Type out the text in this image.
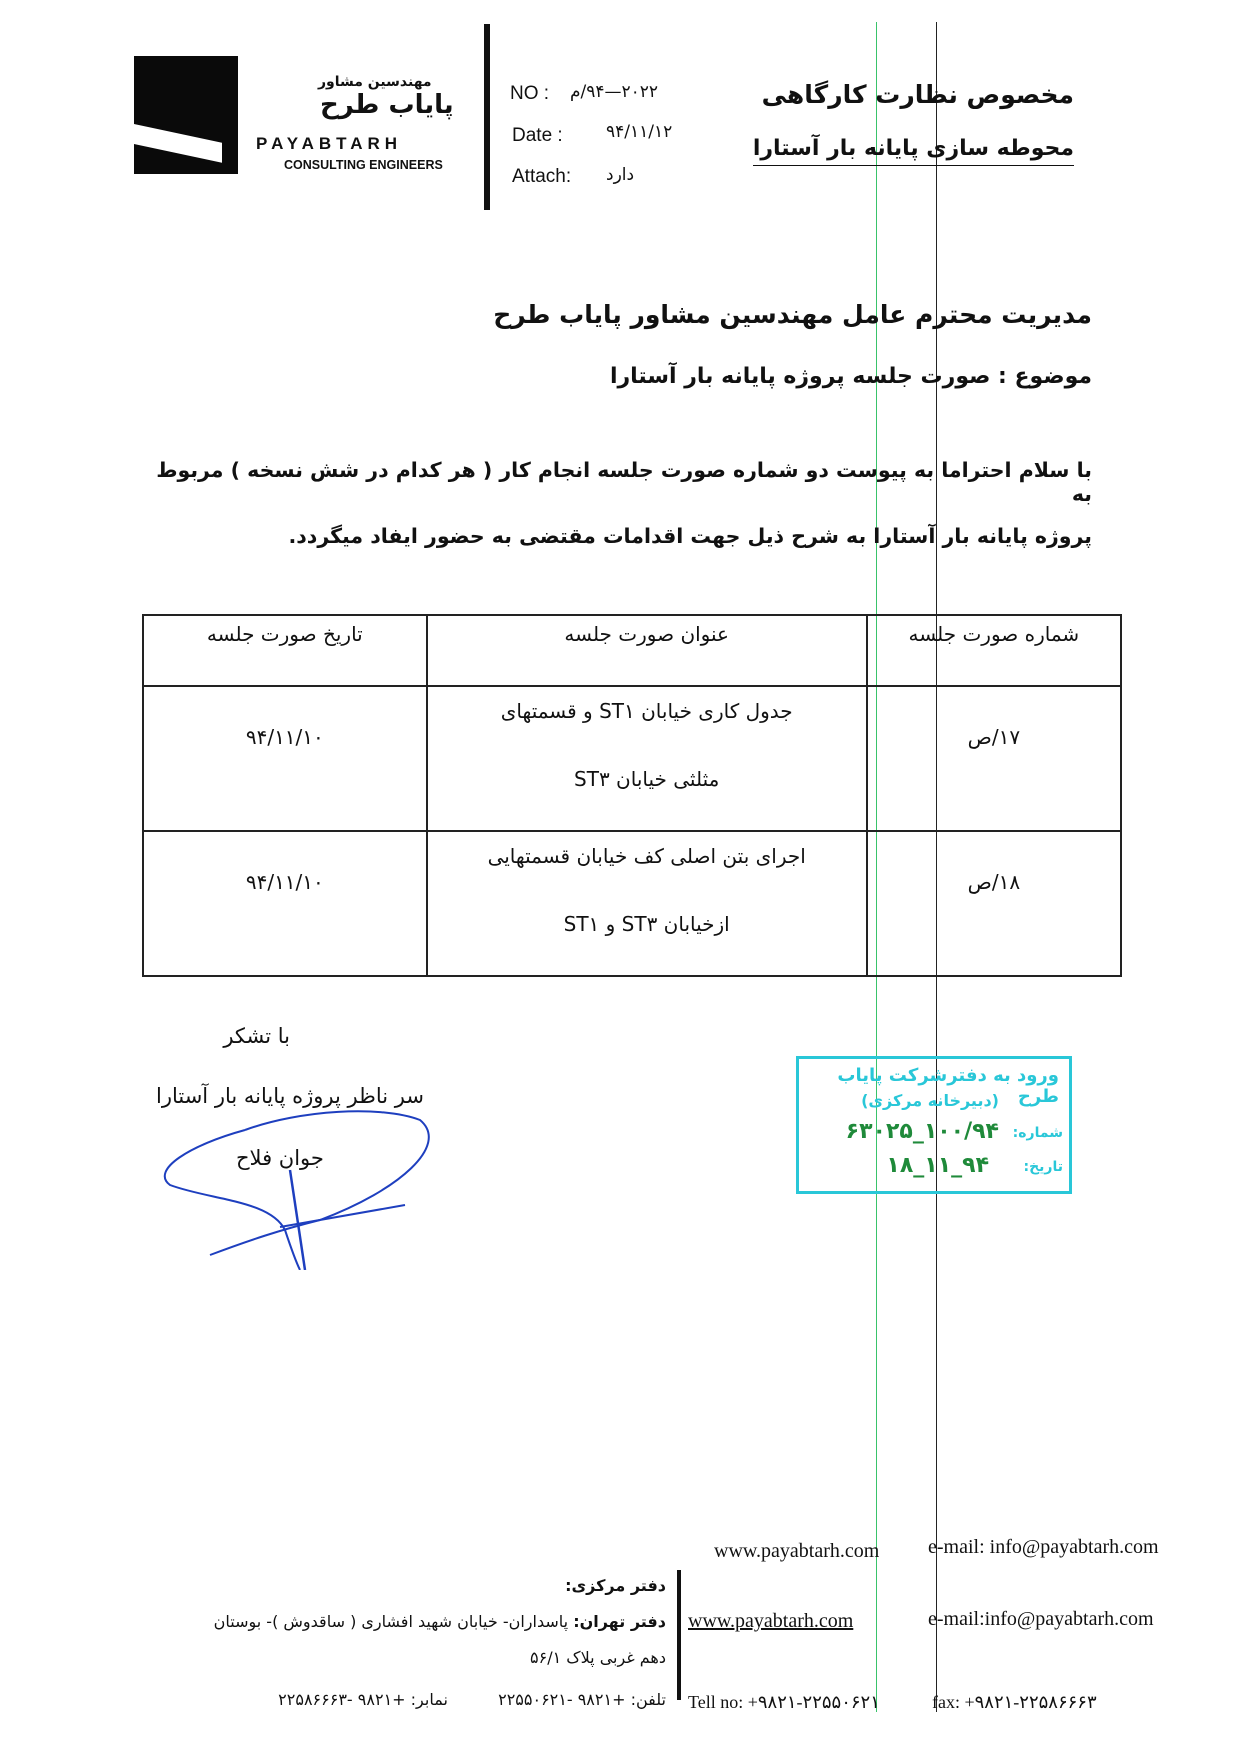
مهندسین مشاور
پایاب طرح
PAYABTARH
CONSULTING ENGINEERS
NO : ۲۰۲۲—۹۴/م
Date :	۹۴/۱۱/۱۲
Attach: دارد
مخصوص نظارت کارگاهی
محوطه سازی پایانه بار آستارا
مدیریت محترم عامل مهندسین مشاور پایاب طرح
موضوع : صورت جلسه پروژه پایانه بار آستارا
با سلام احتراما به پیوست دو شماره صورت جلسه انجام کار ( هر کدام در شش نسخه ) مربوط به
پروژه پایانه بار آستارا به شرح ذیل جهت اقدامات مقتضی به حضور ایفاد میگردد.
شماره صورت جلسه	عنوان صورت جلسه	تاریخ صورت جلسه

۱۷/ص	جدول کاری خیابان ST۱ و قسمتهای
مثلثی خیابان ST۳	۹۴/۱۱/۱۰

۱۸/ص	اجرای بتن اصلی کف خیابان قسمتهایی
ازخیابان ST۳ و ST۱	۹۴/۱۱/۱۰
با تشکر
سر ناظر پروژه پایانه بار آستارا
جوان فلاح
ورود به دفترشرکت پایاب طرح
(دبیرخانه مرکزی)
شماره:
۱۰۰/۹۴_۶۳۰۲۵
تاریخ:
۹۴_۱۱_۱۸
www.payabtarh.com e-mail: info@payabtarh.com
دفتر مرکزی:
دفتر تهران: پاسداران- خیابان شهید افشاری ( ساقدوش )- بوستان
دهم غربی پلاک ۵۶/۱
تلفن: +۹۸۲۱ -۲۲۵۵۰۶۲۱  نمابر: +۹۸۲۱ -۲۲۵۸۶۶۶۳
www.payabtarh.com	e-mail:info@payabtarh.com
Tell no: +۹۸۲۱-۲۲۵۵۰۶۲۱	fax: +۹۸۲۱-۲۲۵۸۶۶۶۳
